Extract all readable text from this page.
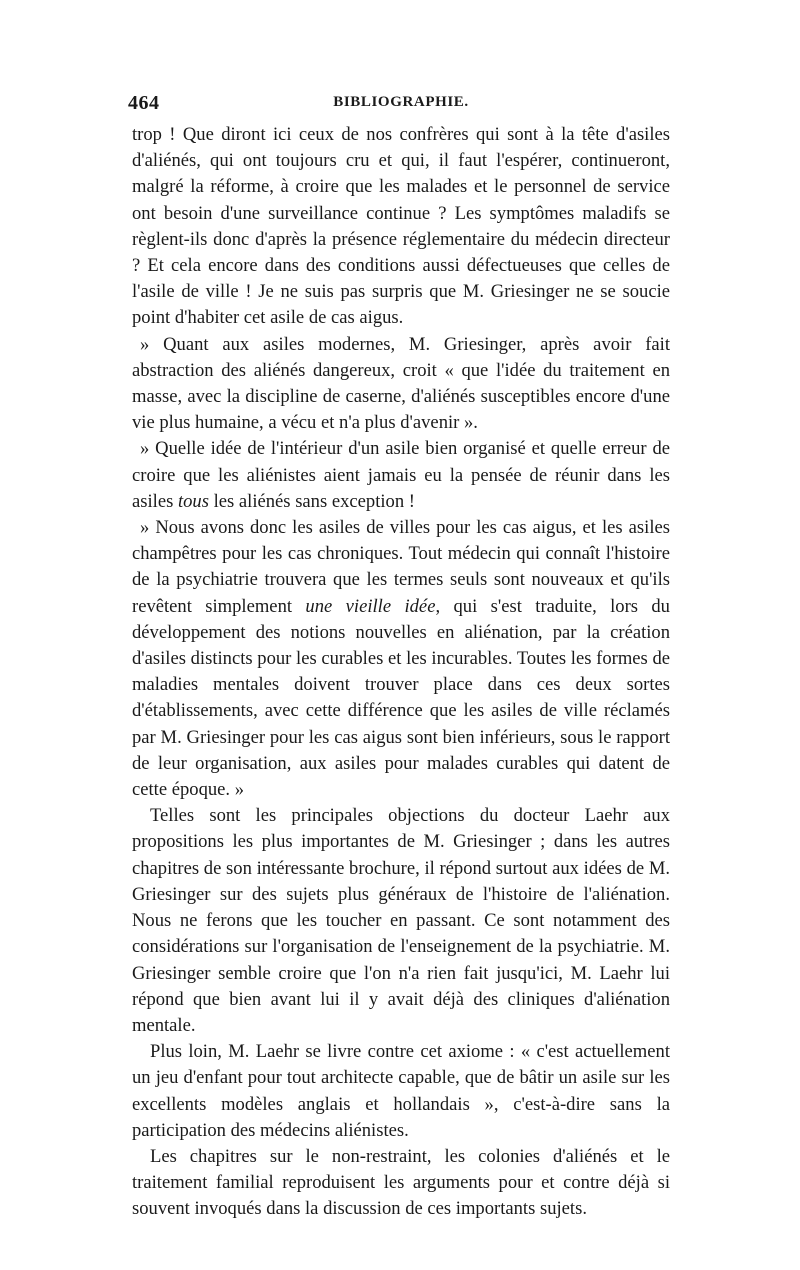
464	BIBLIOGRAPHIE.

trop ! Que diront ici ceux de nos confrères qui sont à la tête d'asiles d'aliénés, qui ont toujours cru et qui, il faut l'espérer, continueront, malgré la réforme, à croire que les malades et le personnel de service ont besoin d'une surveillance continue ? Les symptômes maladifs se règlent-ils donc d'après la présence réglementaire du médecin directeur ? Et cela encore dans des conditions aussi défectueuses que celles de l'asile de ville ! Je ne suis pas surpris que M. Griesinger ne se soucie point d'habiter cet asile de cas aigus.

» Quant aux asiles modernes, M. Griesinger, après avoir fait abstraction des aliénés dangereux, croit « que l'idée du traitement en masse, avec la discipline de caserne, d'aliénés susceptibles encore d'une vie plus humaine, a vécu et n'a plus d'avenir ».

» Quelle idée de l'intérieur d'un asile bien organisé et quelle erreur de croire que les aliénistes aient jamais eu la pensée de réunir dans les asiles tous les aliénés sans exception !

» Nous avons donc les asiles de villes pour les cas aigus, et les asiles champêtres pour les cas chroniques. Tout médecin qui connaît l'histoire de la psychiatrie trouvera que les termes seuls sont nouveaux et qu'ils revêtent simplement une vieille idée, qui s'est traduite, lors du développement des notions nouvelles en aliénation, par la création d'asiles distincts pour les curables et les incurables. Toutes les formes de maladies mentales doivent trouver place dans ces deux sortes d'établissements, avec cette différence que les asiles de ville réclamés par M. Griesinger pour les cas aigus sont bien inférieurs, sous le rapport de leur organisation, aux asiles pour malades curables qui datent de cette époque. »

Telles sont les principales objections du docteur Laehr aux propositions les plus importantes de M. Griesinger ; dans les autres chapitres de son intéressante brochure, il répond surtout aux idées de M. Griesinger sur des sujets plus généraux de l'histoire de l'aliénation. Nous ne ferons que les toucher en passant. Ce sont notamment des considérations sur l'organisation de l'enseignement de la psychiatrie. M. Griesinger semble croire que l'on n'a rien fait jusqu'ici, M. Laehr lui répond que bien avant lui il y avait déjà des cliniques d'aliénation mentale.

Plus loin, M. Laehr se livre contre cet axiome : « c'est actuellement un jeu d'enfant pour tout architecte capable, que de bâtir un asile sur les excellents modèles anglais et hollandais », c'est-à-dire sans la participation des médecins aliénistes.

Les chapitres sur le non-restraint, les colonies d'aliénés et le traitement familial reproduisent les arguments pour et contre déjà si souvent invoqués dans la discussion de ces importants sujets.
